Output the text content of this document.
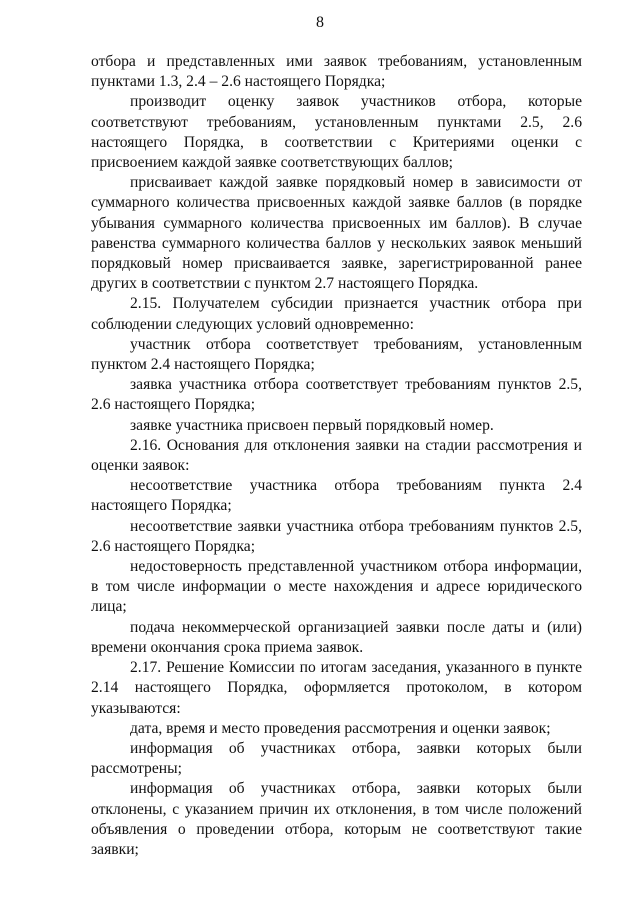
8

отбора и представленных ими заявок требованиям, установленным пунктами 1.3, 2.4 – 2.6 настоящего Порядка;

производит оценку заявок участников отбора, которые соответствуют требованиям, установленным пунктами 2.5, 2.6 настоящего Порядка, в соответствии с Критериями оценки с присвоением каждой заявке соответствующих баллов;

присваивает каждой заявке порядковый номер в зависимости от суммарного количества присвоенных каждой заявке баллов (в порядке убывания суммарного количества присвоенных им баллов). В случае равенства суммарного количества баллов у нескольких заявок меньший порядковый номер присваивается заявке, зарегистрированной ранее других в соответствии с пунктом 2.7 настоящего Порядка.

2.15. Получателем субсидии признается участник отбора при соблюдении следующих условий одновременно:

участник отбора соответствует требованиям, установленным пунктом 2.4 настоящего Порядка;

заявка участника отбора соответствует требованиям пунктов 2.5, 2.6 настоящего Порядка;

заявке участника присвоен первый порядковый номер.

2.16. Основания для отклонения заявки на стадии рассмотрения и оценки заявок:

несоответствие участника отбора требованиям пункта 2.4 настоящего Порядка;

несоответствие заявки участника отбора требованиям пунктов 2.5, 2.6 настоящего Порядка;

недостоверность представленной участником отбора информации, в том числе информации о месте нахождения и адресе юридического лица;

подача некоммерческой организацией заявки после даты и (или) времени окончания срока приема заявок.

2.17. Решение Комиссии по итогам заседания, указанного в пункте 2.14 настоящего Порядка, оформляется протоколом, в котором указываются:

дата, время и место проведения рассмотрения и оценки заявок;

информация об участниках отбора, заявки которых были рассмотрены;

информация об участниках отбора, заявки которых были отклонены, с указанием причин их отклонения, в том числе положений объявления о проведении отбора, которым не соответствуют такие заявки;
